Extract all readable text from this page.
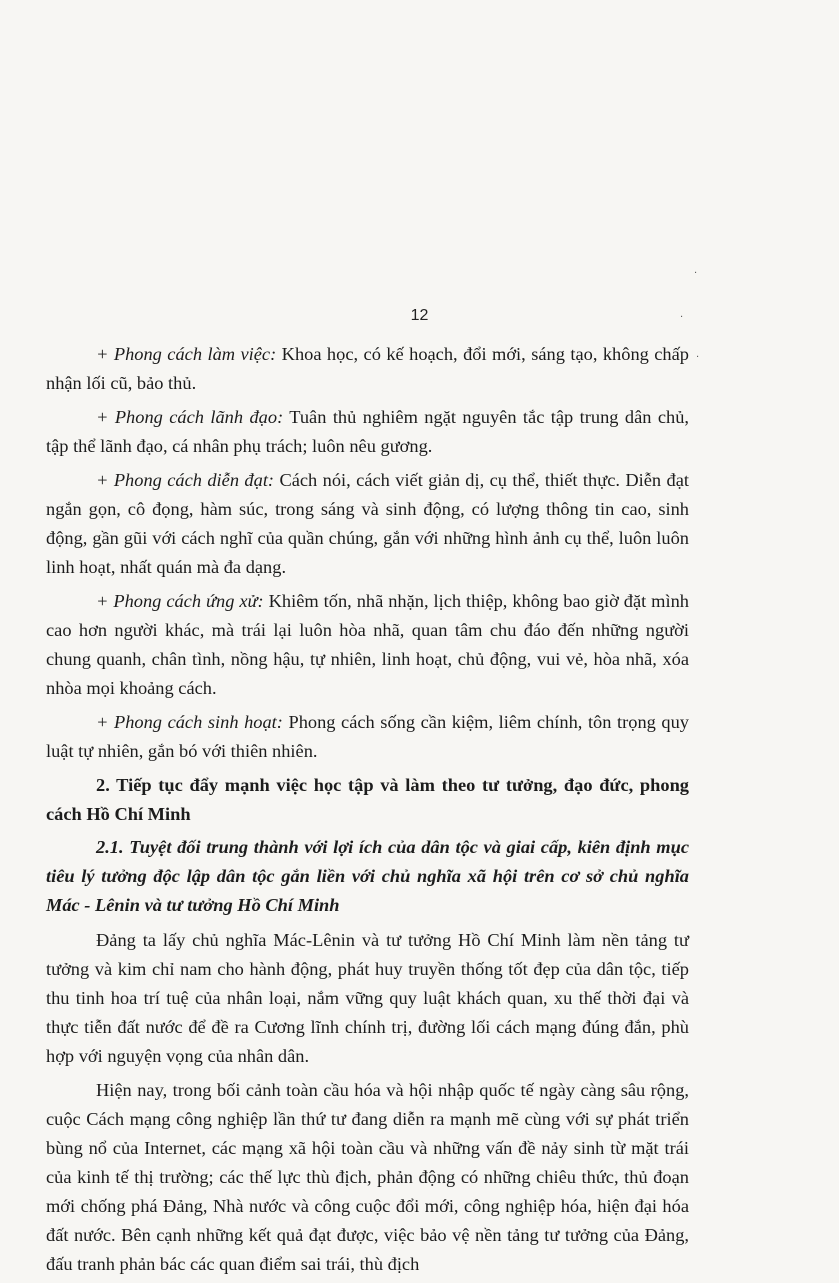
12

+ Phong cách làm việc: Khoa học, có kế hoạch, đổi mới, sáng tạo, không chấp nhận lối cũ, bảo thủ.

+ Phong cách lãnh đạo: Tuân thủ nghiêm ngặt nguyên tắc tập trung dân chủ, tập thể lãnh đạo, cá nhân phụ trách; luôn nêu gương.

+ Phong cách diễn đạt: Cách nói, cách viết giản dị, cụ thể, thiết thực. Diễn đạt ngắn gọn, cô đọng, hàm súc, trong sáng và sinh động, có lượng thông tin cao, sinh động, gần gũi với cách nghĩ của quần chúng, gắn với những hình ảnh cụ thể, luôn luôn linh hoạt, nhất quán mà đa dạng.

+ Phong cách ứng xử: Khiêm tốn, nhã nhặn, lịch thiệp, không bao giờ đặt mình cao hơn người khác, mà trái lại luôn hòa nhã, quan tâm chu đáo đến những người chung quanh, chân tình, nồng hậu, tự nhiên, linh hoạt, chủ động, vui vẻ, hòa nhã, xóa nhòa mọi khoảng cách.

+ Phong cách sinh hoạt: Phong cách sống cần kiệm, liêm chính, tôn trọng quy luật tự nhiên, gắn bó với thiên nhiên.

2. Tiếp tục đẩy mạnh việc học tập và làm theo tư tưởng, đạo đức, phong cách Hồ Chí Minh

2.1. Tuyệt đối trung thành với lợi ích của dân tộc và giai cấp, kiên định mục tiêu lý tưởng độc lập dân tộc gắn liền với chủ nghĩa xã hội trên cơ sở chủ nghĩa Mác - Lênin và tư tưởng Hồ Chí Minh

Đảng ta lấy chủ nghĩa Mác-Lênin và tư tưởng Hồ Chí Minh làm nền tảng tư tưởng và kim chỉ nam cho hành động, phát huy truyền thống tốt đẹp của dân tộc, tiếp thu tinh hoa trí tuệ của nhân loại, nắm vững quy luật khách quan, xu thế thời đại và thực tiễn đất nước để đề ra Cương lĩnh chính trị, đường lối cách mạng đúng đắn, phù hợp với nguyện vọng của nhân dân.

Hiện nay, trong bối cảnh toàn cầu hóa và hội nhập quốc tế ngày càng sâu rộng, cuộc Cách mạng công nghiệp lần thứ tư đang diễn ra mạnh mẽ cùng với sự phát triển bùng nổ của Internet, các mạng xã hội toàn cầu và những vấn đề nảy sinh từ mặt trái của kinh tế thị trường; các thế lực thù địch, phản động có những chiêu thức, thủ đoạn mới chống phá Đảng, Nhà nước và công cuộc đổi mới, công nghiệp hóa, hiện đại hóa đất nước. Bên cạnh những kết quả đạt được, việc bảo vệ nền tảng tư tưởng của Đảng, đấu tranh phản bác các quan điểm sai trái, thù địch

·
·
·
